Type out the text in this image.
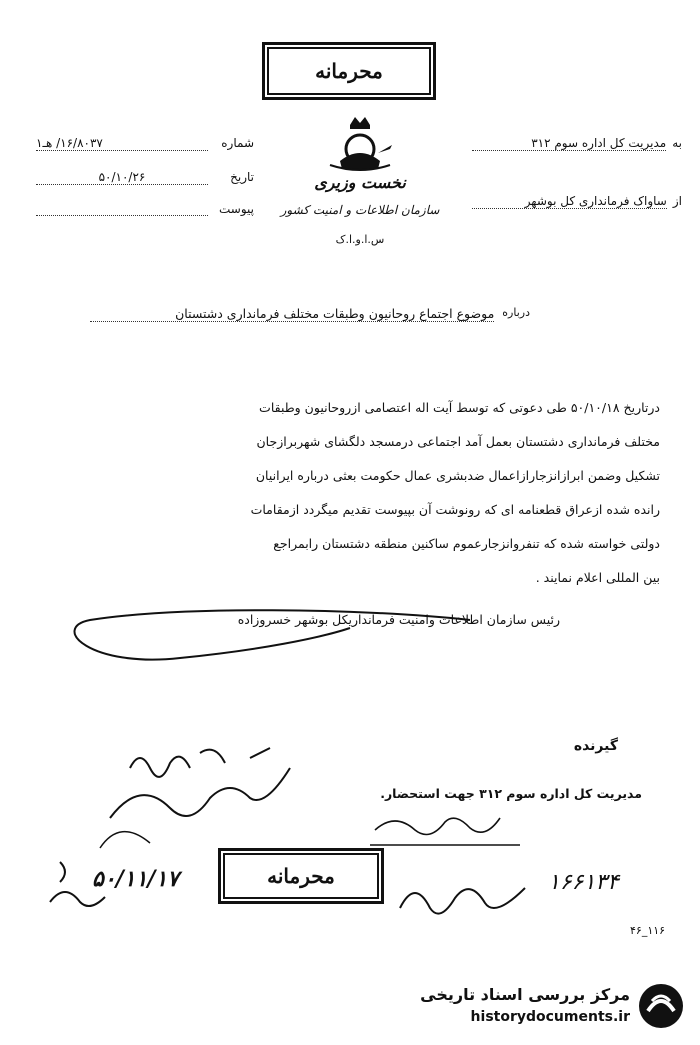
محرمانه
نخست وزیری
سازمان اطلاعات و امنیت کشور
س.ا.و.ا.ک
به
مدیریت کل اداره سوم ۳۱۲
از
ساواک فرمانداری کل بوشهر
شماره
۱۶/۸۰۳۷/ هـ۱
تاریخ
۵۰/۱۰/۲۶
پیوست
درباره
موضوع اجتماع روحانیون وطبقات مختلف فرمانداری دشتستان
درتاریخ ۵۰/۱۰/۱۸ طی دعوتی که توسط آیت اله اعتصامی ازروحانیون وطبقات
مختلف فرمانداری دشتستان بعمل آمد اجتماعی درمسجد دلگشای شهربرازجان
تشکیل وضمن ابرازانزجارازاعمال ضدبشری عمال حکومت بعثی درباره ایرانیان
رانده شده ازعراق قطعنامه ای که رونوشت آن بپیوست تقدیم میگردد ازمقامات
دولتی خواسته شده که تنفروانزجارعموم ساکنین منطقه دشتستان رابمراجع
بین المللی اعلام نمایند .
رئیس سازمان اطلاعات وامنیت فرمانداریکل بوشهر خسروزاده
گیرنده
مدیریت کل اداره سوم ۳۱۲ جهت استحضار.
محرمانه	۱۶۶۱۳۴
۵۰/۱۱/۱۷
۴۶_۱۱۶
مرکز بررسی اسناد تاریخی
historydocuments.ir
